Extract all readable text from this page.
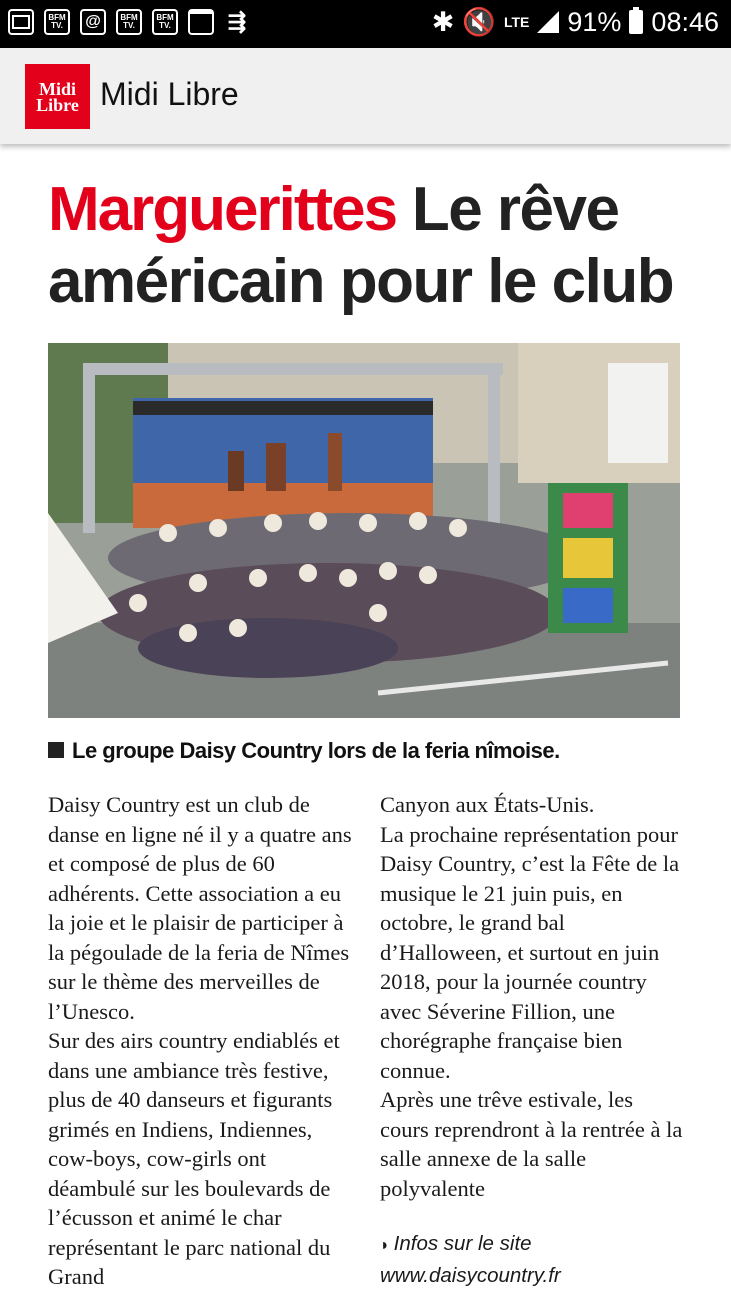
BFM TV.	@	BFM TV.
BFM TV.	⇶	✱ 🔇 LTE 91% 08:46
Midi
Libre Midi Libre
Marguerittes Le rêve américain pour le club
Le groupe Daisy Country lors de la feria nîmoise.

Daisy Country est un club de danse en ligne né il y a quatre ans et composé de plus de 60 adhérents. Cette association a eu la joie et le plaisir de participer à la pégoulade de la feria de Nîmes sur le thème des merveilles de l’Unesco.

Sur des airs country endiablés et dans une ambiance très festive, plus de 40 danseurs et figurants grimés en Indiens, Indiennes, cow-boys, cow-girls ont déambulé sur les boulevards de l’écusson et animé le char représentant le parc national du Grand

Canyon aux États-Unis.

La prochaine représentation pour Daisy Country, c’est la Fête de la musique le 21 juin puis, en octobre, le grand bal d’Halloween, et surtout en juin 2018, pour la journée country avec Séverine Fillion, une chorégraphe française bien connue.

Après une trêve estivale, les cours reprendront à la rentrée à la salle annexe de la salle polyvalente

◗ Infos sur le site
www.daisycountry.fr
